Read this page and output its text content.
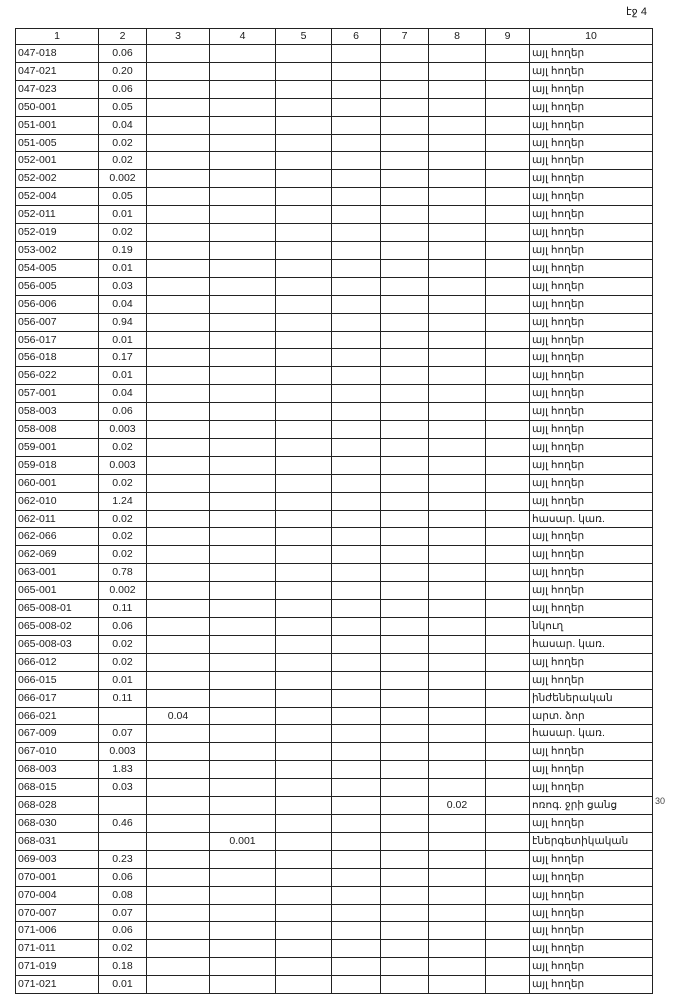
էջ 4
30
1	2	3	4	5	6	7	8	9	10
047-018	0.06								այլ հողեր
047-021	0.20								այլ հողեր
047-023	0.06								այլ հողեր
050-001	0.05								այլ հողեր
051-001	0.04								այլ հողեր
051-005	0.02								այլ հողեր
052-001	0.02								այլ հողեր
052-002	0.002								այլ հողեր
052-004	0.05								այլ հողեր
052-011	0.01								այլ հողեր
052-019	0.02								այլ հողեր
053-002	0.19								այլ հողեր
054-005	0.01								այլ հողեր
056-005	0.03								այլ հողեր
056-006	0.04								այլ հողեր
056-007	0.94								այլ հողեր
056-017	0.01								այլ հողեր
056-018	0.17								այլ հողեր
056-022	0.01								այլ հողեր
057-001	0.04								այլ հողեր
058-003	0.06								այլ հողեր
058-008	0.003								այլ հողեր
059-001	0.02								այլ հողեր
059-018	0.003								այլ հողեր
060-001	0.02								այլ հողեր
062-010	1.24								այլ հողեր
062-011	0.02								հասար. կառ.
062-066	0.02								այլ հողեր
062-069	0.02								այլ հողեր
063-001	0.78								այլ հողեր
065-001	0.002								այլ հողեր
065-008-01	0.11								այլ հողեր
065-008-02	0.06								նկուղ
065-008-03	0.02								հասար. կառ.
066-012	0.02								այլ հողեր
066-015	0.01								այլ հողեր
066-017	0.11								ինժեներական
066-021		0.04							արտ. ձոր
067-009	0.07								հասար. կառ.
067-010	0.003								այլ հողեր
068-003	1.83								այլ հողեր
068-015	0.03								այլ հողեր
068-028							0.02		ոռոգ. ջրի ցանց
068-030	0.46								այլ հողեր
068-031			0.001						էներգետիկական
069-003	0.23								այլ հողեր
070-001	0.06								այլ հողեր
070-004	0.08								այլ հողեր
070-007	0.07								այլ հողեր
071-006	0.06								այլ հողեր
071-011	0.02								այլ հողեր
071-019	0.18								այլ հողեր
071-021	0.01								այլ հողեր
